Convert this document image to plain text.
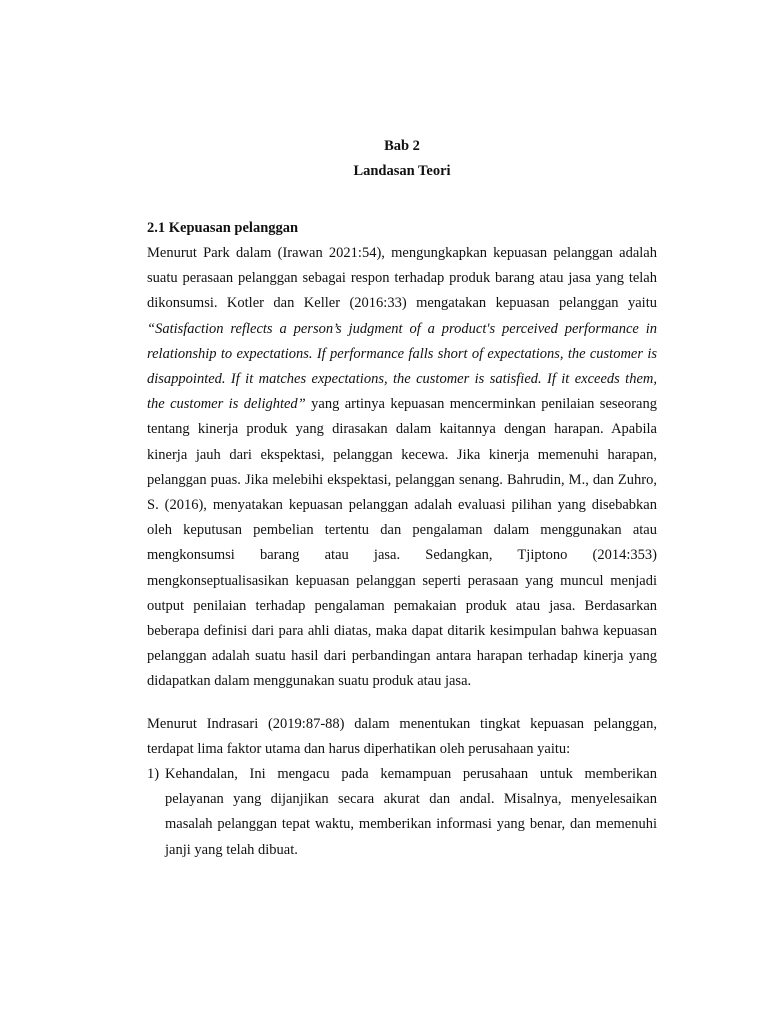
Bab 2

Landasan Teori

2.1 Kepuasan pelanggan

Menurut Park dalam (Irawan 2021:54), mengungkapkan kepuasan pelanggan adalah suatu perasaan pelanggan sebagai respon terhadap produk barang atau jasa yang telah dikonsumsi. Kotler dan Keller (2016:33) mengatakan kepuasan pelanggan yaitu “Satisfaction reflects a person’s judgment of a product's perceived performance in relationship to expectations. If performance falls short of expectations, the customer is disappointed. If it matches expectations, the customer is satisfied. If it exceeds them, the customer is delighted” yang artinya kepuasan mencerminkan penilaian seseorang tentang kinerja produk yang dirasakan dalam kaitannya dengan harapan. Apabila kinerja jauh dari ekspektasi, pelanggan kecewa. Jika kinerja memenuhi harapan, pelanggan puas. Jika melebihi ekspektasi, pelanggan senang. Bahrudin, M., dan Zuhro, S. (2016), menyatakan kepuasan pelanggan adalah evaluasi pilihan yang disebabkan oleh keputusan pembelian tertentu dan pengalaman dalam menggunakan atau mengkonsumsi barang atau jasa. Sedangkan, Tjiptono (2014:353) mengkonseptualisasikan kepuasan pelanggan seperti perasaan yang muncul menjadi output penilaian terhadap pengalaman pemakaian produk atau jasa. Berdasarkan beberapa definisi dari para ahli diatas, maka dapat ditarik kesimpulan bahwa kepuasan pelanggan adalah suatu hasil dari perbandingan antara harapan terhadap kinerja yang didapatkan dalam menggunakan suatu produk atau jasa.

Menurut Indrasari (2019:87-88) dalam menentukan tingkat kepuasan pelanggan, terdapat lima faktor utama dan harus diperhatikan oleh perusahaan yaitu:

1) Kehandalan, Ini mengacu pada kemampuan perusahaan untuk memberikan pelayanan yang dijanjikan secara akurat dan andal. Misalnya, menyelesaikan masalah pelanggan tepat waktu, memberikan informasi yang benar, dan memenuhi janji yang telah dibuat.
